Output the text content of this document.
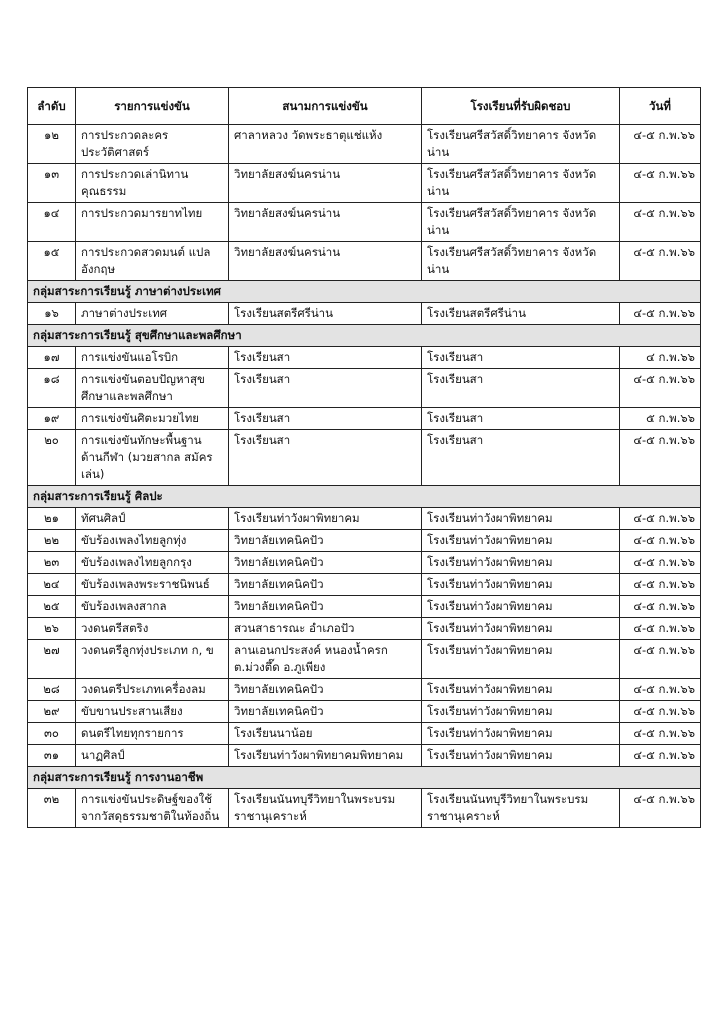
ลำดับ	รายการแข่งขัน	สนามการแข่งขัน	โรงเรียนที่รับผิดชอบ	วันที่
๑๒	การประกวดละคร ประวัติศาสตร์	ศาลาหลวง วัดพระธาตุแช่แห้ง	โรงเรียนศรีสวัสดิ์วิทยาคาร จังหวัดน่าน	๔-๕ ก.พ.๖๖
๑๓	การประกวดเล่านิทาน คุณธรรม	วิทยาลัยสงฆ์นครน่าน	โรงเรียนศรีสวัสดิ์วิทยาคาร จังหวัดน่าน	๔-๕ ก.พ.๖๖
๑๔	การประกวดมารยาทไทย	วิทยาลัยสงฆ์นครน่าน	โรงเรียนศรีสวัสดิ์วิทยาคาร จังหวัดน่าน	๔-๕ ก.พ.๖๖
๑๕	การประกวดสวดมนต์ แปลอังกฤษ	วิทยาลัยสงฆ์นครน่าน	โรงเรียนศรีสวัสดิ์วิทยาคาร จังหวัดน่าน	๔-๕ ก.พ.๖๖
กลุ่มสาระการเรียนรู้ ภาษาต่างประเทศ				
๑๖	ภาษาต่างประเทศ	โรงเรียนสตรีศรีน่าน	โรงเรียนสตรีศรีน่าน	๔-๕ ก.พ.๖๖
กลุ่มสาระการเรียนรู้ สุขศึกษาและพลศึกษา				
๑๗	การแข่งขันแอโรบิก	โรงเรียนสา	โรงเรียนสา	๔ ก.พ.๖๖
๑๘	การแข่งขันตอบปัญหาสุข ศึกษาและพลศึกษา	โรงเรียนสา	โรงเรียนสา	๔-๕ ก.พ.๖๖
๑๙	การแข่งขันศิตะมวยไทย	โรงเรียนสา	โรงเรียนสา	๕ ก.พ.๖๖
๒๐	การแข่งขันทักษะพื้นฐาน ด้านกีฬา (มวยสากล สมัครเล่น)	โรงเรียนสา	โรงเรียนสา	๔-๕ ก.พ.๖๖
กลุ่มสาระการเรียนรู้ ศิลปะ				
๒๑	ทัศนศิลป์	โรงเรียนท่าวังผาพิทยาคม	โรงเรียนท่าวังผาพิทยาคม	๔-๕ ก.พ.๖๖
๒๒	ขับร้องเพลงไทยลูกทุ่ง	วิทยาลัยเทคนิคปัว	โรงเรียนท่าวังผาพิทยาคม	๔-๕ ก.พ.๖๖
๒๓	ขับร้องเพลงไทยลูกกรุง	วิทยาลัยเทคนิคปัว	โรงเรียนท่าวังผาพิทยาคม	๔-๕ ก.พ.๖๖
๒๔	ขับร้องเพลงพระราชนิพนธ์	วิทยาลัยเทคนิคปัว	โรงเรียนท่าวังผาพิทยาคม	๔-๕ ก.พ.๖๖
๒๕	ขับร้องเพลงสากล	วิทยาลัยเทคนิคปัว	โรงเรียนท่าวังผาพิทยาคม	๔-๕ ก.พ.๖๖
๒๖	วงดนตรีสตริง	สวนสาธารณะ อำเภอปัว	โรงเรียนท่าวังผาพิทยาคม	๔-๕ ก.พ.๖๖
๒๗	วงดนตรีลูกทุ่งประเภท ก, ข	ลานเอนกประสงค์ หนองน้ำครก ต.ม่วงตึ๊ด อ.ภูเพียง	โรงเรียนท่าวังผาพิทยาคม	๔-๕ ก.พ.๖๖
๒๘	วงดนตรีประเภทเครื่องลม	วิทยาลัยเทคนิคปัว	โรงเรียนท่าวังผาพิทยาคม	๔-๕ ก.พ.๖๖
๒๙	ขับขานประสานเสียง	วิทยาลัยเทคนิคปัว	โรงเรียนท่าวังผาพิทยาคม	๔-๕ ก.พ.๖๖
๓๐	ดนตรีไทยทุกรายการ	โรงเรียนนาน้อย	โรงเรียนท่าวังผาพิทยาคม	๔-๕ ก.พ.๖๖
๓๑	นาฏศิลป์	โรงเรียนท่าวังผาพิทยาคมพิทยาคม	โรงเรียนท่าวังผาพิทยาคม	๔-๕ ก.พ.๖๖
กลุ่มสาระการเรียนรู้ การงานอาชีพ				
๓๒	การแข่งขันประดิษฐ์ของใช้ จากวัสดุธรรมชาติในท้องถิ่น	โรงเรียนนันทบุรีวิทยาในพระบรม ราชานุเคราะห์	โรงเรียนนันทบุรีวิทยาในพระบรม ราชานุเคราะห์	๔-๕ ก.พ.๖๖
